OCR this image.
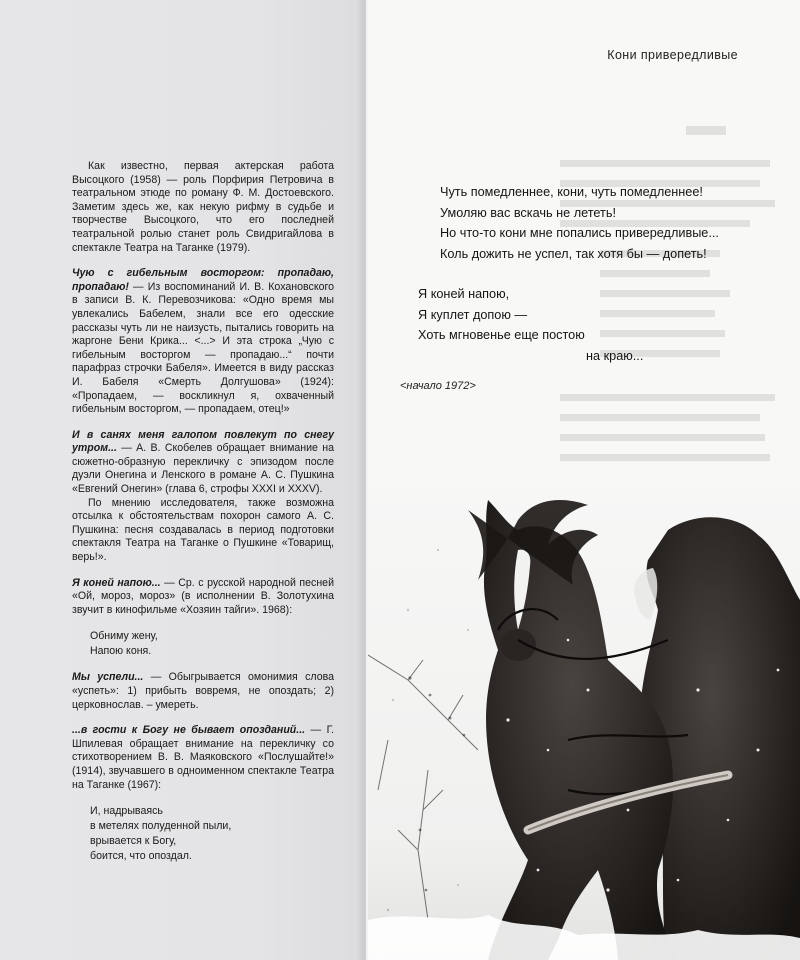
Кони привередливые

Как известно, первая актерская работа Высоцкого (1958) — роль Порфирия Петровича в театральном этюде по роману Ф. М. Достоевского. Заметим здесь же, как некую рифму в судьбе и творчестве Высоцкого, что его последней театральной ролью станет роль Свидригайлова в спектакле Театра на Таганке (1979).

Чую с гибельным восторгом: пропадаю, пропадаю! — Из воспоминаний И. В. Кохановского в записи В. К. Перевозчикова: «Одно время мы увлекались Бабелем, знали все его одесские рассказы чуть ли не наизусть, пытались говорить на жаргоне Бени Крика... <...> И эта строка „Чую с гибельным восторгом — пропадаю...“ почти парафраз строчки Бабеля». Имеется в виду рассказ И. Бабеля «Смерть Долгушова» (1924): «Пропадаем, — воскликнул я, охваченный гибельным восторгом, — пропадаем, отец!»

И в санях меня галопом повлекут по снегу утром... — А. В. Скобелев обращает внимание на сюжетно-образную перекличку с эпизодом после дуэли Онегина и Ленского в романе А. С. Пушкина «Евгений Онегин» (глава 6, строфы XXXI и XXXV).

По мнению исследователя, также возможна отсылка к обстоятельствам похорон самого А. С. Пушкина: песня создавалась в период подготовки спектакля Театра на Таганке о Пушкине «Товарищ, верь!».

Я коней напою... — Ср. с русской народной песней «Ой, мороз, мороз» (в исполнении В. Золотухина звучит в кинофильме «Хозяин тайги». 1968):

Обниму жену,
Напою коня.

Мы успели... — Обыгрывается омонимия слова «успеть»: 1) прибыть вовремя, не опоздать; 2) церковнослав. – умереть.

...в гости к Богу не бывает опозданий... — Г. Шпилевая обращает внимание на перекличку со стихотворением В. В. Маяковского «Послушайте!» (1914), звучавшего в одноименном спектакле Театра на Таганке (1967):

И, надрываясь
в метелях полуденной пыли,
врывается к Богу,
боится, что опоздал.
Чуть помедленнее, кони, чуть помедленнее!
Умоляю вас вскачь не лететь!
Но что-то кони мне попались привередливые...
Коль дожить не успел, так хотя бы — допеть!
Я коней напою,
Я куплет допою —
Хоть мгновенье еще постою
на краю...
<начало 1972>
